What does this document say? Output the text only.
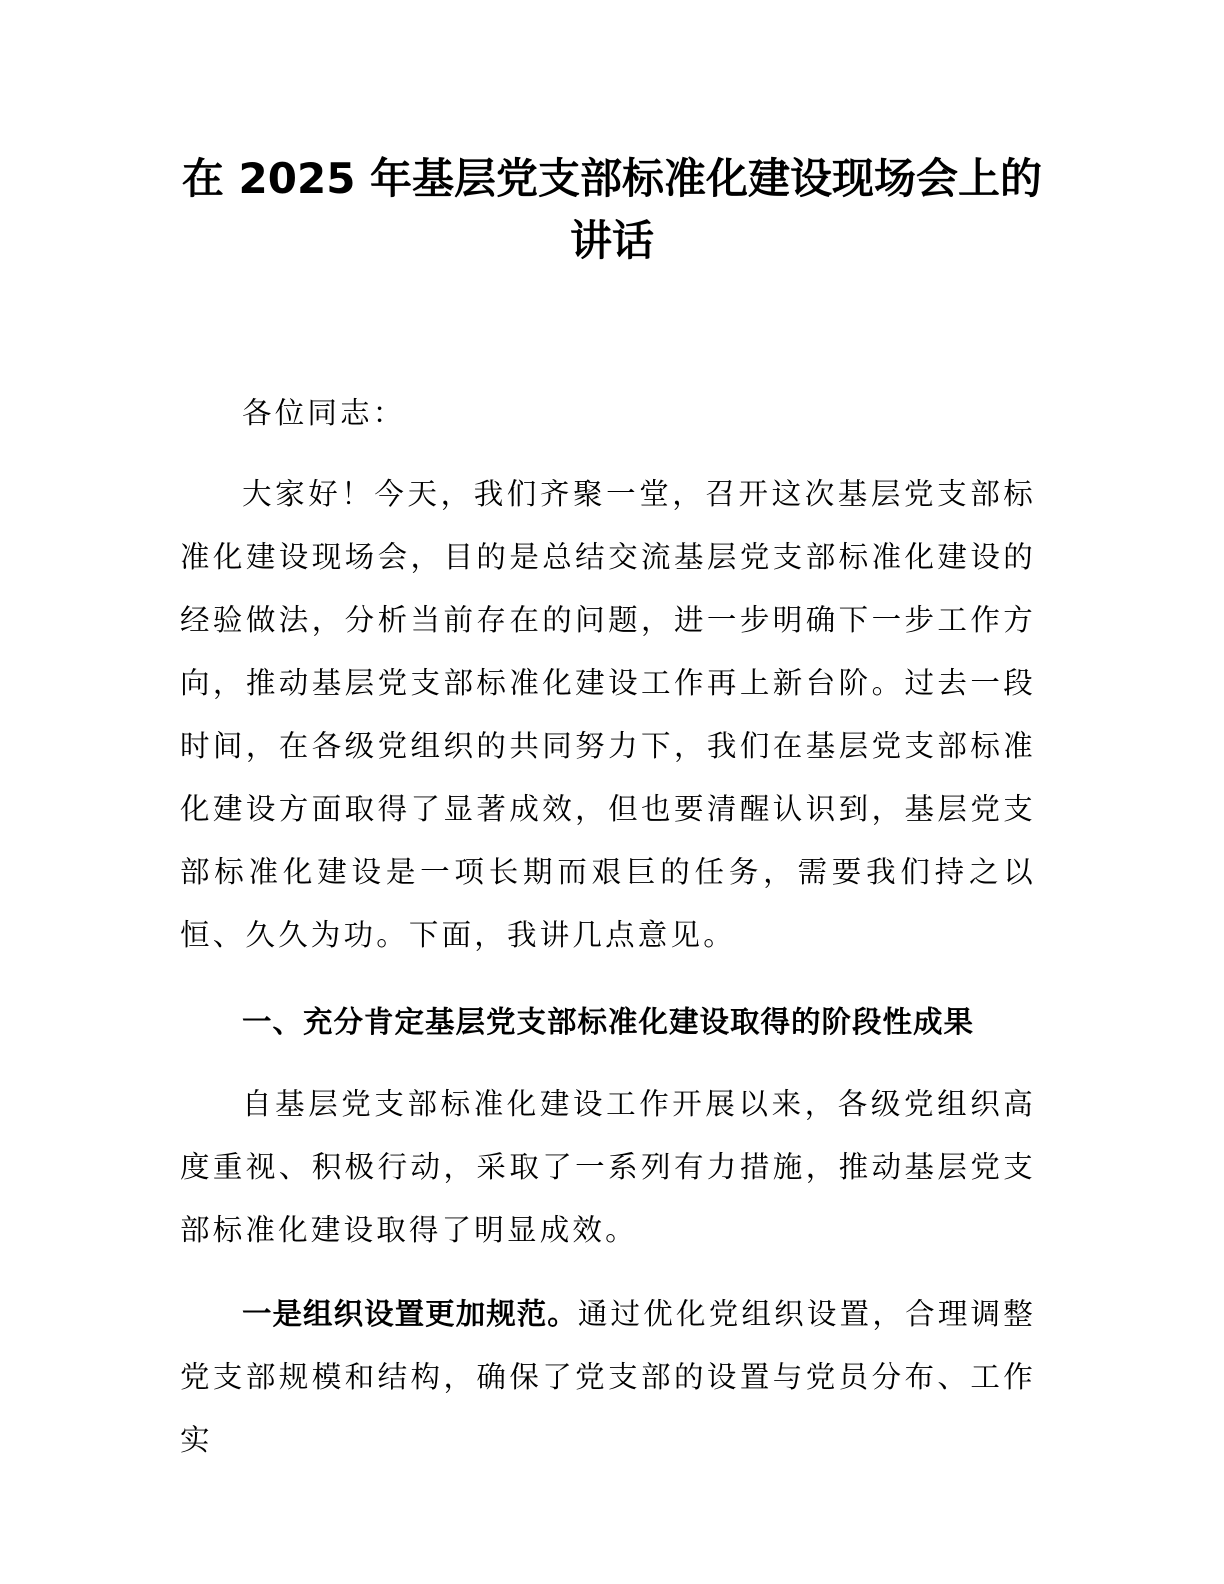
在 2025 年基层党支部标准化建设现场会上的
讲话
各位同志：
大家好！今天，我们齐聚一堂，召开这次基层党支部标准化建设现场会，目的是总结交流基层党支部标准化建设的经验做法，分析当前存在的问题，进一步明确下一步工作方向，推动基层党支部标准化建设工作再上新台阶。过去一段时间，在各级党组织的共同努力下，我们在基层党支部标准化建设方面取得了显著成效，但也要清醒认识到，基层党支部标准化建设是一项长期而艰巨的任务，需要我们持之以恒、久久为功。下面，我讲几点意见。
一、充分肯定基层党支部标准化建设取得的阶段性成果
自基层党支部标准化建设工作开展以来，各级党组织高度重视、积极行动，采取了一系列有力措施，推动基层党支部标准化建设取得了明显成效。
一是组织设置更加规范。通过优化党组织设置，合理调整党支部规模和结构，确保了党支部的设置与党员分布、工作实
